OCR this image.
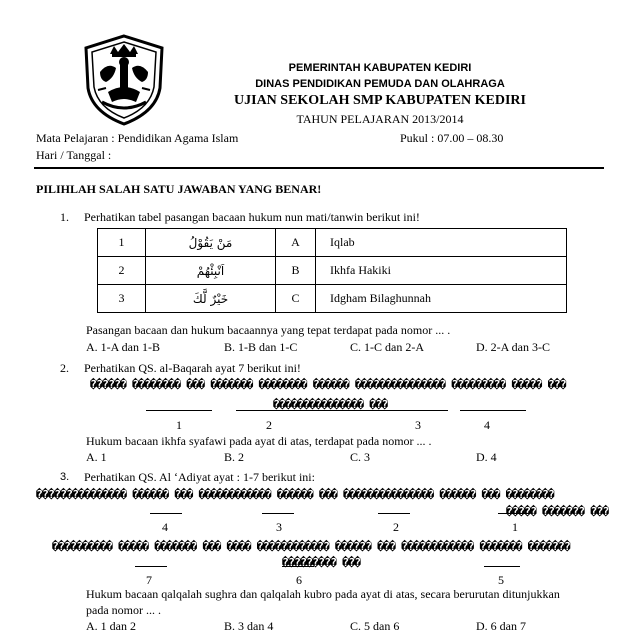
PEMERINTAH KABUPATEN KEDIRI
DINAS PENDIDIKAN PEMUDA DAN OLAHRAGA
UJIAN SEKOLAH SMP KABUPATEN KEDIRI
TAHUN PELAJARAN 2013/2014
Mata Pelajaran : Pendidikan Agama Islam	Pukul : 07.00 – 08.30
Hari / Tanggal :
PILIHLAH SALAH SATU JAWABAN YANG BENAR!
1. Perhatikan tabel pasangan bacaan hukum nun mati/tanwin berikut ini!
1	مَنْ يَقُوْلُ	A	Iqlab
2	اَنْبِئْهُمْ	B	Ikhfa Hakiki
3	خَيْرٌ لَّكَ	C	Idgham Bilaghunnah
Pasangan bacaan dan hukum bacaannya yang tepat terdapat pada nomor ... .
A. 1-A dan 1-B	B. 1-B dan 1-C	C. 1-C dan 2-A	D. 2-A dan 3-C
2. Perhatikan QS. al-Baqarah ayat 7 berikut ini!
������ �������� ��� ������� �������� ������ ��������������� ��������� ����� ���
��������������� ���
1	2	3	4
Hukum bacaan ikhfa syafawi pada ayat di atas, terdapat pada nomor ... .
A. 1	B. 2	C. 3	D. 4
3. Perhatikan QS. Al ‘Adiyat ayat : 1-7 berikut ini:
��������������� ������ ��� ������������ ������ ��� ��������������� ������ ��� ��������
����� ������� ���
4	3	2	1
���������� ����� ������� ��� ���� ������������ ������ ��� ������������ ������� �������
��������� ���
7	6	5
Hukum bacaan qalqalah sughra dan qalqalah kubro pada ayat di atas, secara berurutan ditunjukkan
pada nomor ... .
A. 1 dan 2	B. 3 dan 4	C. 5 dan 6	D. 6 dan 7
